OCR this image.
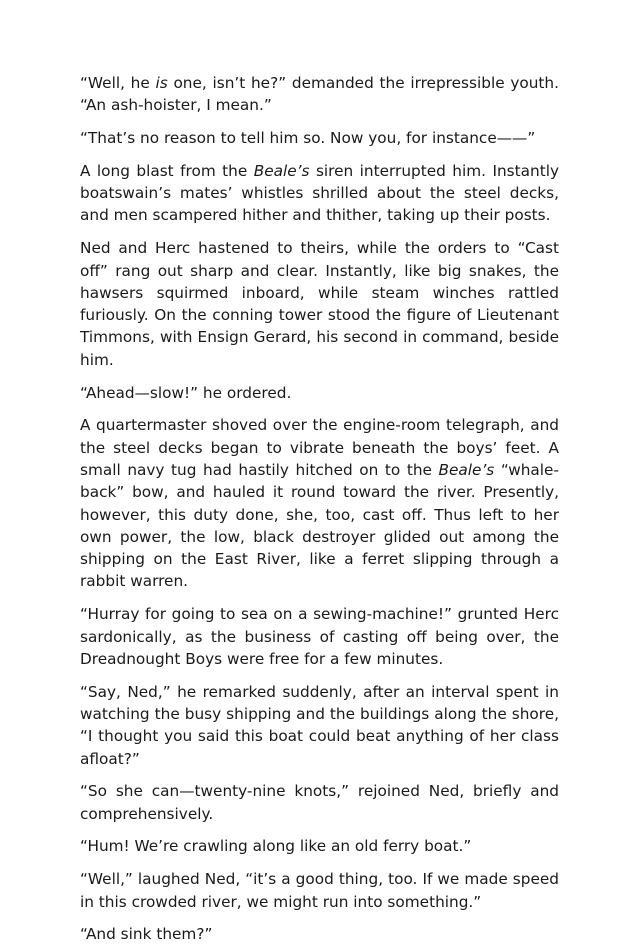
“Well, he is one, isn’t he?” demanded the irrepressible youth. “An ash-hoister, I mean.”

“That’s no reason to tell him so. Now you, for instance——”

A long blast from the Beale’s siren interrupted him. Instantly boatswain’s mates’ whistles shrilled about the steel decks, and men scampered hither and thither, taking up their posts.

Ned and Herc hastened to theirs, while the orders to “Cast off” rang out sharp and clear. Instantly, like big snakes, the hawsers squirmed inboard, while steam winches rattled furiously. On the conning tower stood the figure of Lieutenant Timmons, with Ensign Gerard, his second in command, beside him.

“Ahead—slow!” he ordered.

A quartermaster shoved over the engine-room telegraph, and the steel decks began to vibrate beneath the boys’ feet. A small navy tug had hastily hitched on to the Beale’s “whale-back” bow, and hauled it round toward the river. Presently, however, this duty done, she, too, cast off. Thus left to her own power, the low, black destroyer glided out among the shipping on the East River, like a ferret slipping through a rabbit warren.

“Hurray for going to sea on a sewing-machine!” grunted Herc sardonically, as the business of casting off being over, the Dreadnought Boys were free for a few minutes.

“Say, Ned,” he remarked suddenly, after an interval spent in watching the busy shipping and the buildings along the shore, “I thought you said this boat could beat anything of her class afloat?”

“So she can—twenty-nine knots,” rejoined Ned, briefly and comprehensively.

“Hum! We’re crawling along like an old ferry boat.”

“Well,” laughed Ned, “it’s a good thing, too. If we made speed in this crowded river, we might run into something.”

“And sink them?”
